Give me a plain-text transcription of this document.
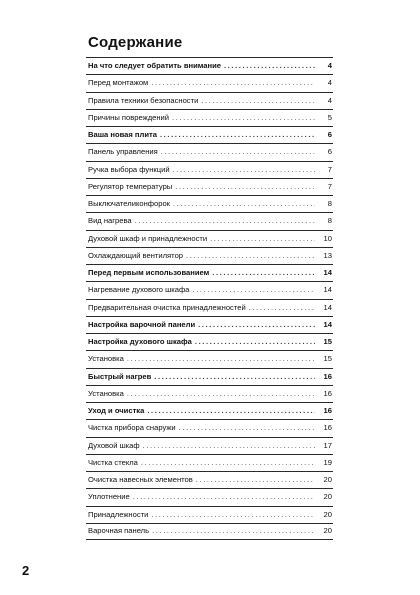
Содержание
На что следует обратить внимание .....	4
Перед монтажом .....	4
Правила техники безопасности .....	4
Причины повреждений .....	5
Ваша новая плита .....	6
Панель управления .....	6
Ручка выбора функций .....	7
Регулятор температуры .....	7
Выключателиконфорок .....	8
Вид нагрева .....	8
Духовой шкаф и принадлежности .....	10
Охлаждающий вентилятор .....	13
Перед первым использованием .....	14
Нагревание духового шкафа .....	14
Предварительная очистка принадлежностей .....	14
Настройка варочной панели .....	14
Настройка духового шкафа .....	15
Установка .....	15
Быстрый нагрев .....	16
Установка .....	16
Уход и очистка .....	16
Чистка прибора снаружи .....	16
Духовой шкаф .....	17
Чистка стекла .....	19
Очистка навесных элементов .....	20
Уплотнение .....	20
Принадлежности .....	20
Варочная панель .....	20
2
